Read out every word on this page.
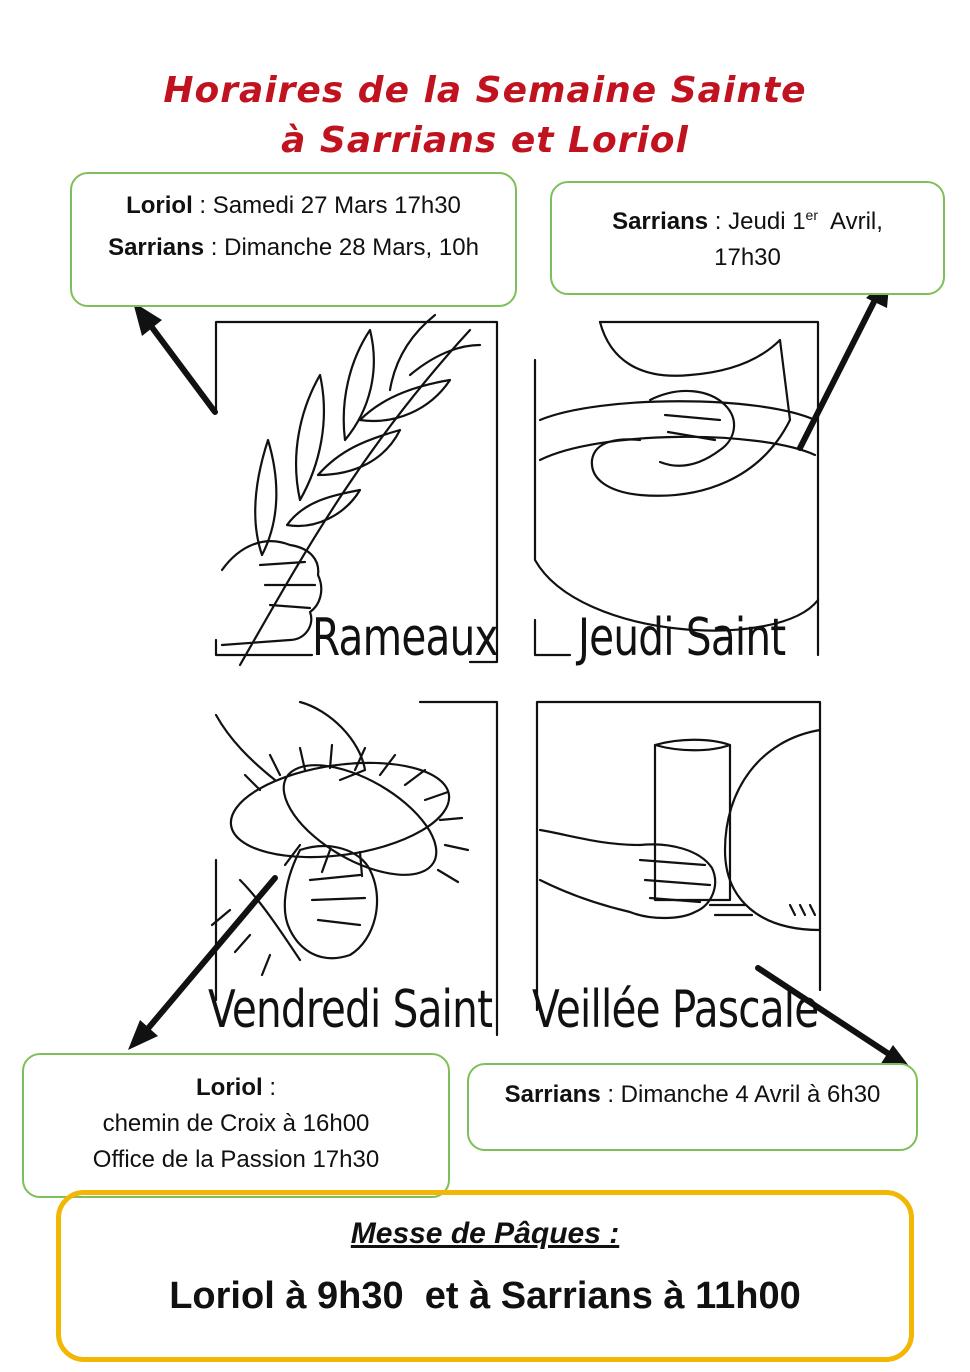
Horaires de la Semaine Sainte
à Sarrians et Loriol
Rameaux Jeudi Saint
Vendredi Saint Veillée Pascale
Loriol : Samedi 27 Mars 17h30
Sarrians : Dimanche 28 Mars, 10h
Sarrians : Jeudi 1er  Avril,
17h30
Loriol :
chemin de Croix à 16h00
Office de la Passion 17h30
Sarrians : Dimanche 4 Avril à 6h30
Messe de Pâques :
Loriol à 9h30  et à Sarrians à 11h00
